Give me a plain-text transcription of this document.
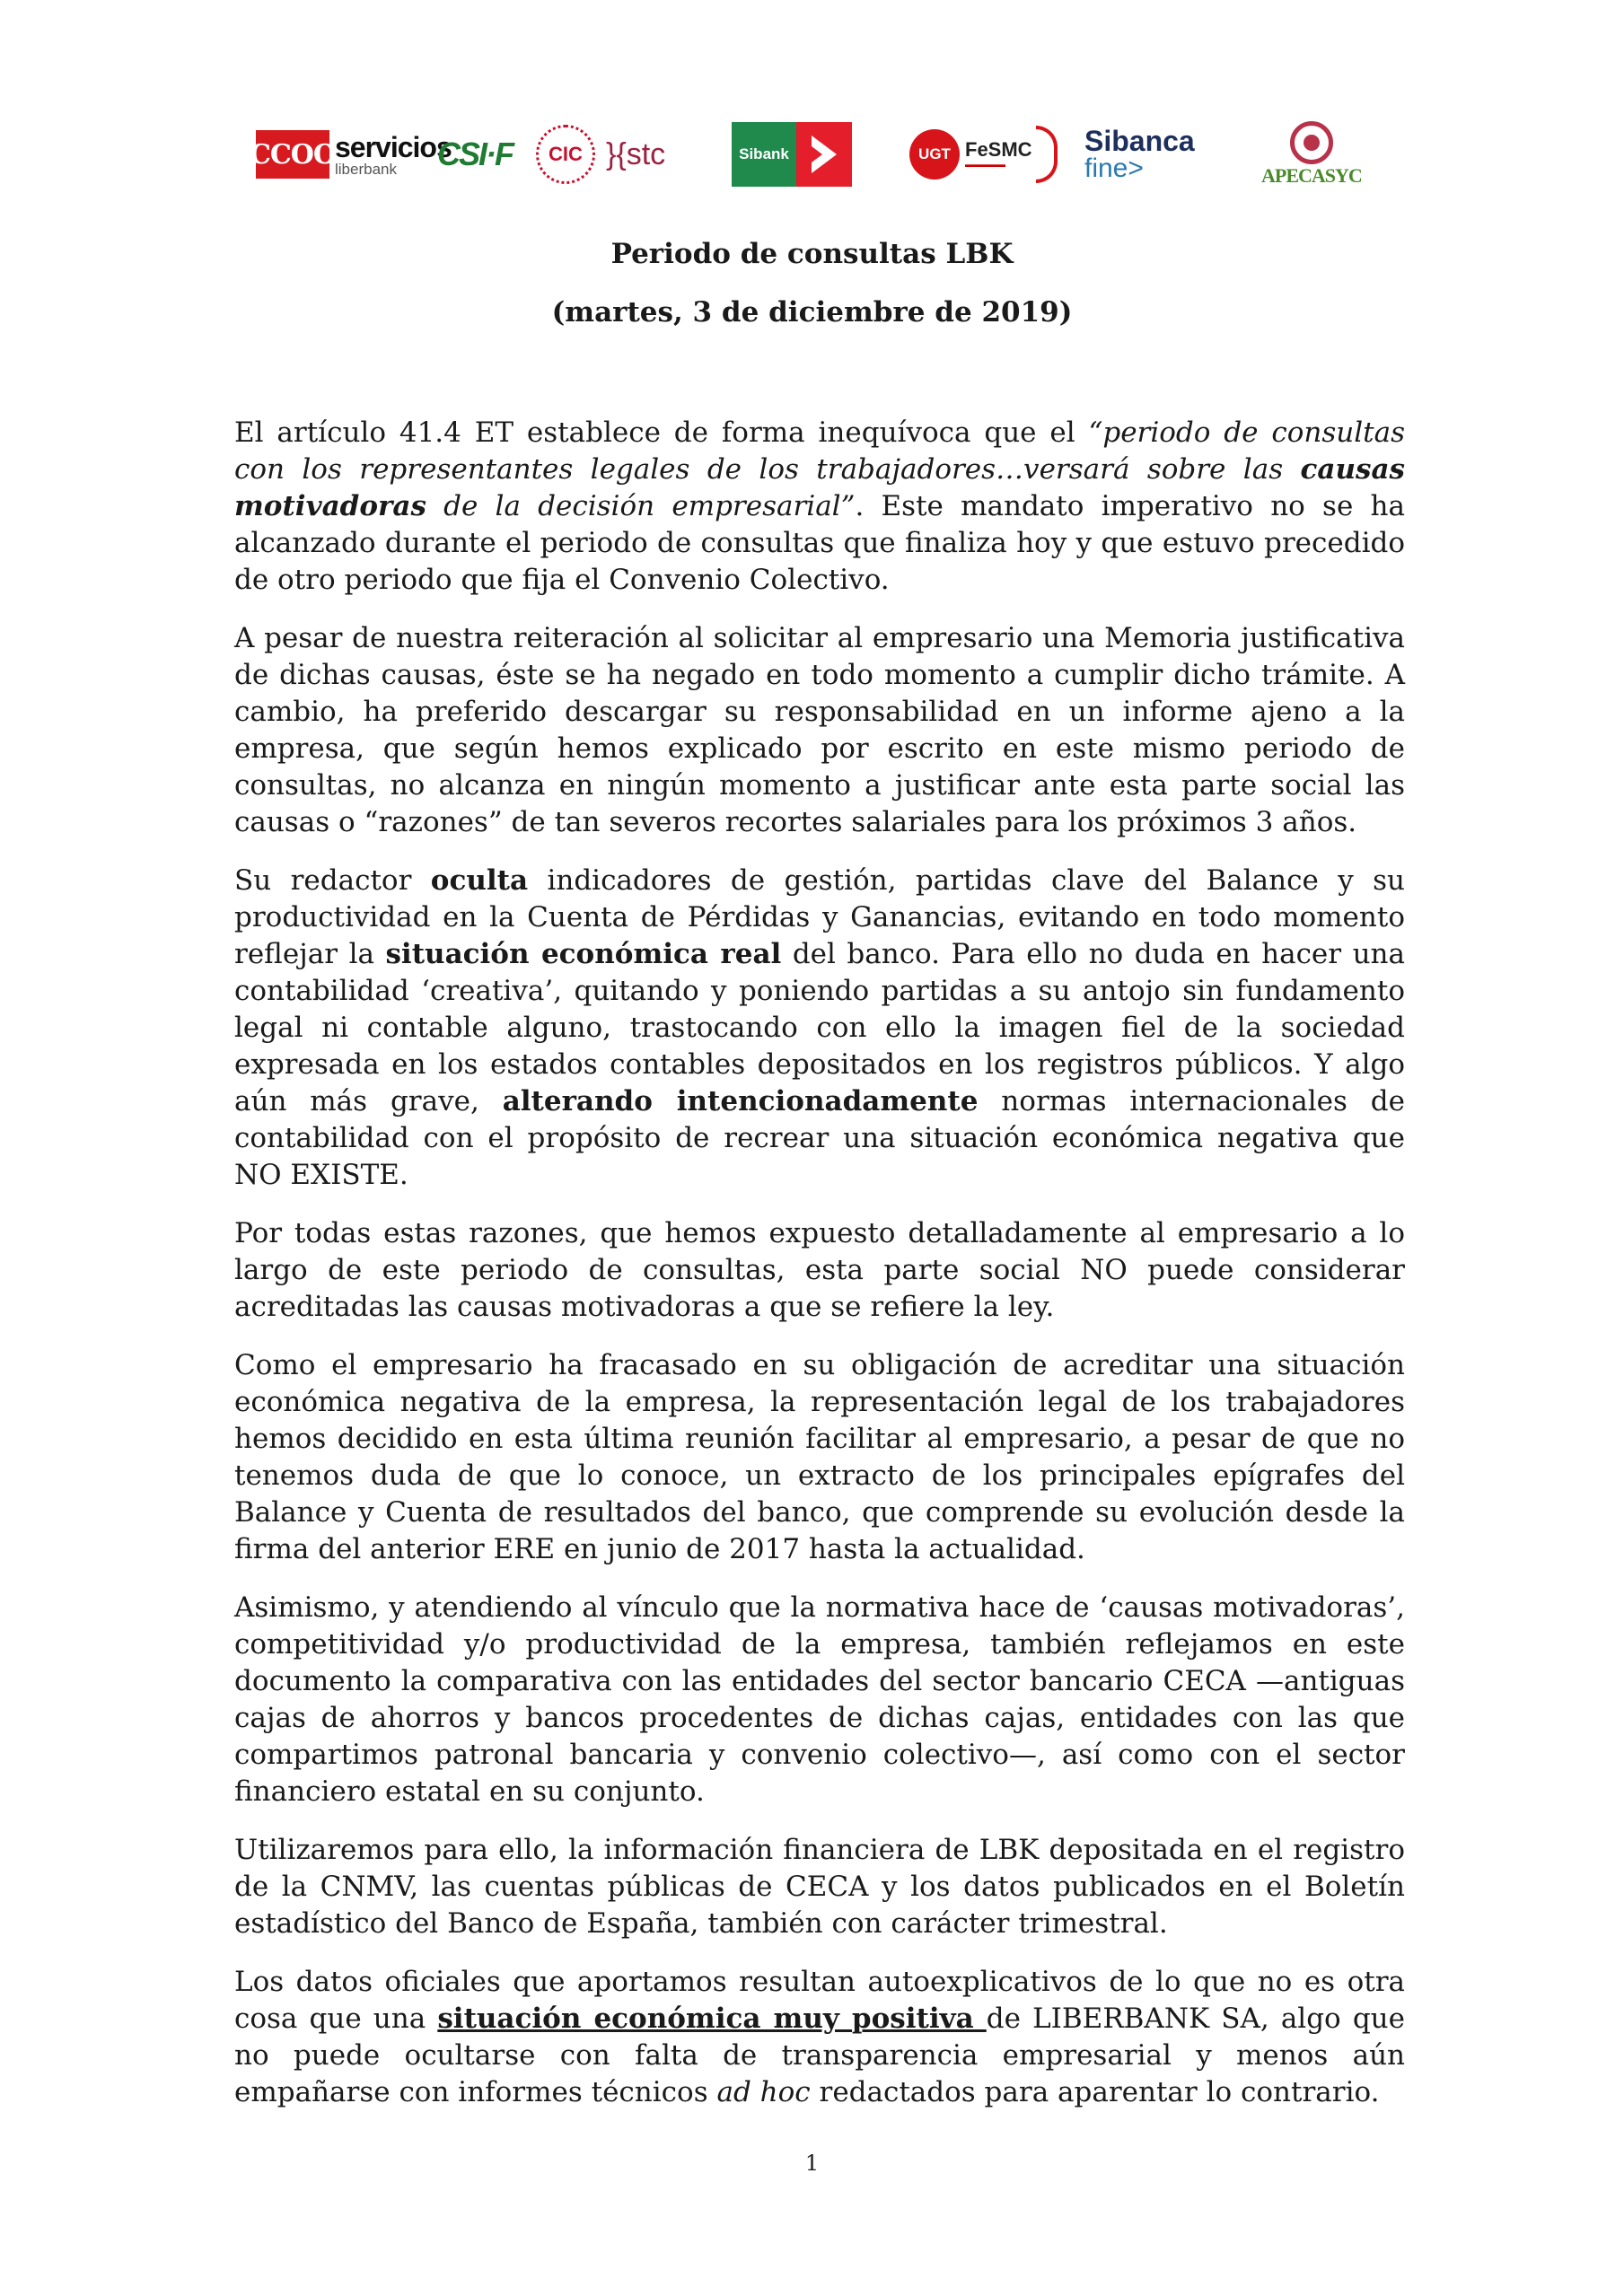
CCOO
servicios
liberbank	CSI·F	CIC }{stc	Sibank	UGT FeSMC
▬▬▬▬▬
Sibanca
fine>	APECASYC
Periodo de consultas LBK
(martes, 3 de diciembre de 2019)

El artículo 41.4 ET establece de forma inequívoca que el “periodo de consultas con los representantes legales de los trabajadores…versará sobre las causas motivadoras de la decisión empresarial”. Este mandato imperativo no se ha alcanzado durante el periodo de consultas que finaliza hoy y que estuvo precedido de otro periodo que fija el Convenio Colectivo.

A pesar de nuestra reiteración al solicitar al empresario una Memoria justificativa de dichas causas, éste se ha negado en todo momento a cumplir dicho trámite. A cambio, ha preferido descargar su responsabilidad en un informe ajeno a la empresa, que según hemos explicado por escrito en este mismo periodo de consultas, no alcanza en ningún momento a justificar ante esta parte social las causas o “razones” de tan severos recortes salariales para los próximos 3 años.

Su redactor oculta indicadores de gestión, partidas clave del Balance y su productividad en la Cuenta de Pérdidas y Ganancias, evitando en todo momento reflejar la situación económica real del banco. Para ello no duda en hacer una contabilidad ‘creativa’, quitando y poniendo partidas a su antojo sin fundamento legal ni contable alguno, trastocando con ello la imagen fiel de la sociedad expresada en los estados contables depositados en los registros públicos. Y algo aún más grave, alterando intencionadamente normas internacionales de contabilidad con el propósito de recrear una situación económica negativa que NO EXISTE.

Por todas estas razones, que hemos expuesto detalladamente al empresario a lo largo de este periodo de consultas, esta parte social NO puede considerar acreditadas las causas motivadoras a que se refiere la ley.

Como el empresario ha fracasado en su obligación de acreditar una situación económica negativa de la empresa, la representación legal de los trabajadores hemos decidido en esta última reunión facilitar al empresario, a pesar de que no tenemos duda de que lo conoce, un extracto de los principales epígrafes del Balance y Cuenta de resultados del banco, que comprende su evolución desde la firma del anterior ERE en junio de 2017 hasta la actualidad.

Asimismo, y atendiendo al vínculo que la normativa hace de ‘causas motivadoras’, competitividad y/o productividad de la empresa, también reflejamos en este documento la comparativa con las entidades del sector bancario CECA —antiguas cajas de ahorros y bancos procedentes de dichas cajas, entidades con las que compartimos patronal bancaria y convenio colectivo—, así como con el sector financiero estatal en su conjunto.

Utilizaremos para ello, la información financiera de LBK depositada en el registro de la CNMV, las cuentas públicas de CECA y los datos publicados en el Boletín estadístico del Banco de España, también con carácter trimestral.

Los datos oficiales que aportamos resultan autoexplicativos de lo que no es otra cosa que una situación económica muy positiva de LIBERBANK SA, algo que no puede ocultarse con falta de transparencia empresarial y menos aún empañarse con informes técnicos ad hoc redactados para aparentar lo contrario.

1
